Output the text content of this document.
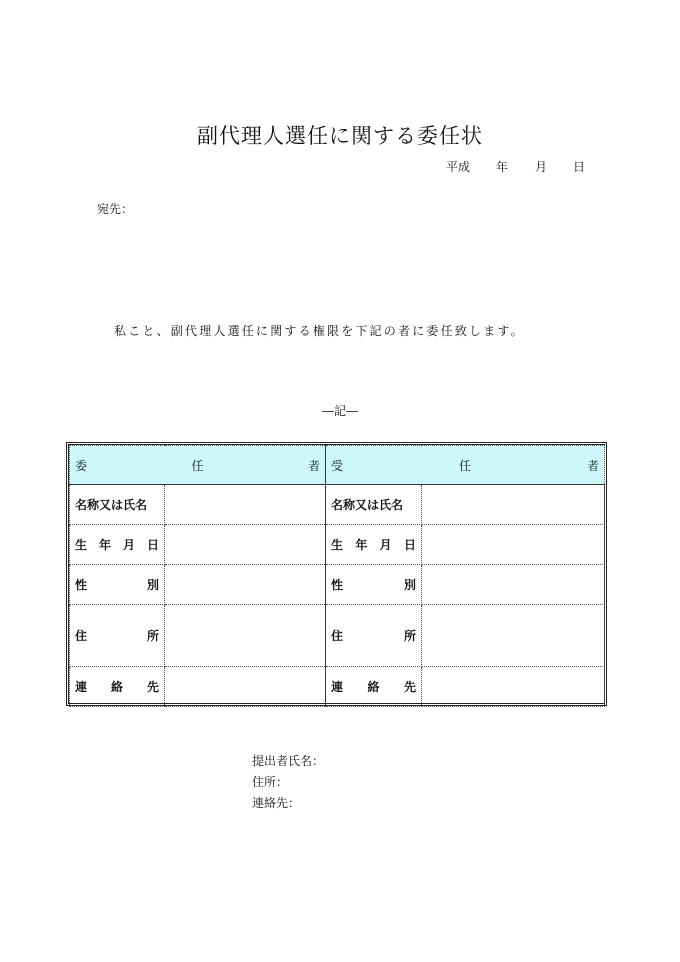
副代理人選任に関する委任状
平成 年 月 日
宛先：
私こと、副代理人選任に関する権限を下記の者に委任致します。
―記―
委 任 者		受 任 者	

名称又は氏名		名称又は氏名	

生 年 月 日		生 年 月 日	

性 別		性 別	

住 所		住 所	

連 絡 先		連 絡 先	

提出者氏名：
住所：
連絡先：
